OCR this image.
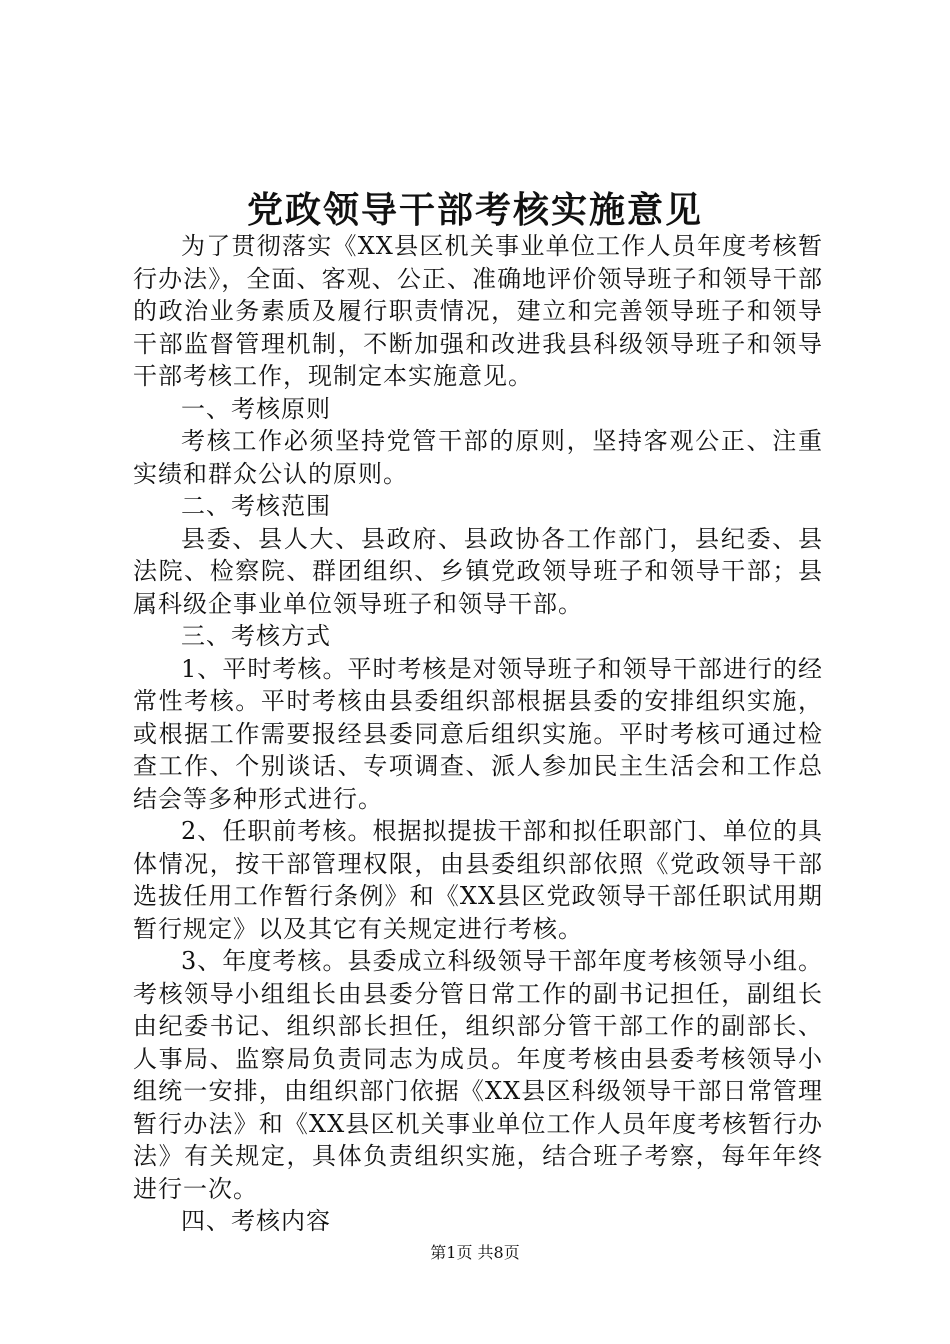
党政领导干部考核实施意见

为了贯彻落实《XX县区机关事业单位工作人员年度考核暂行办法》，全面、客观、公正、准确地评价领导班子和领导干部的政治业务素质及履行职责情况，建立和完善领导班子和领导干部监督管理机制，不断加强和改进我县科级领导班子和领导干部考核工作，现制定本实施意见。

一、考核原则

考核工作必须坚持党管干部的原则，坚持客观公正、注重实绩和群众公认的原则。

二、考核范围

县委、县人大、县政府、县政协各工作部门，县纪委、县法院、检察院、群团组织、乡镇党政领导班子和领导干部；县属科级企事业单位领导班子和领导干部。

三、考核方式

1、平时考核。平时考核是对领导班子和领导干部进行的经常性考核。平时考核由县委组织部根据县委的安排组织实施，或根据工作需要报经县委同意后组织实施。平时考核可通过检查工作、个别谈话、专项调查、派人参加民主生活会和工作总结会等多种形式进行。

2、任职前考核。根据拟提拔干部和拟任职部门、单位的具体情况，按干部管理权限，由县委组织部依照《党政领导干部选拔任用工作暂行条例》和《XX县区党政领导干部任职试用期暂行规定》以及其它有关规定进行考核。

3、年度考核。县委成立科级领导干部年度考核领导小组。考核领导小组组长由县委分管日常工作的副书记担任，副组长由纪委书记、组织部长担任，组织部分管干部工作的副部长、人事局、监察局负责同志为成员。年度考核由县委考核领导小组统一安排，由组织部门依据《XX县区科级领导干部日常管理暂行办法》和《XX县区机关事业单位工作人员年度考核暂行办法》有关规定，具体负责组织实施，结合班子考察，每年年终进行一次。

四、考核内容

第1页 共8页
